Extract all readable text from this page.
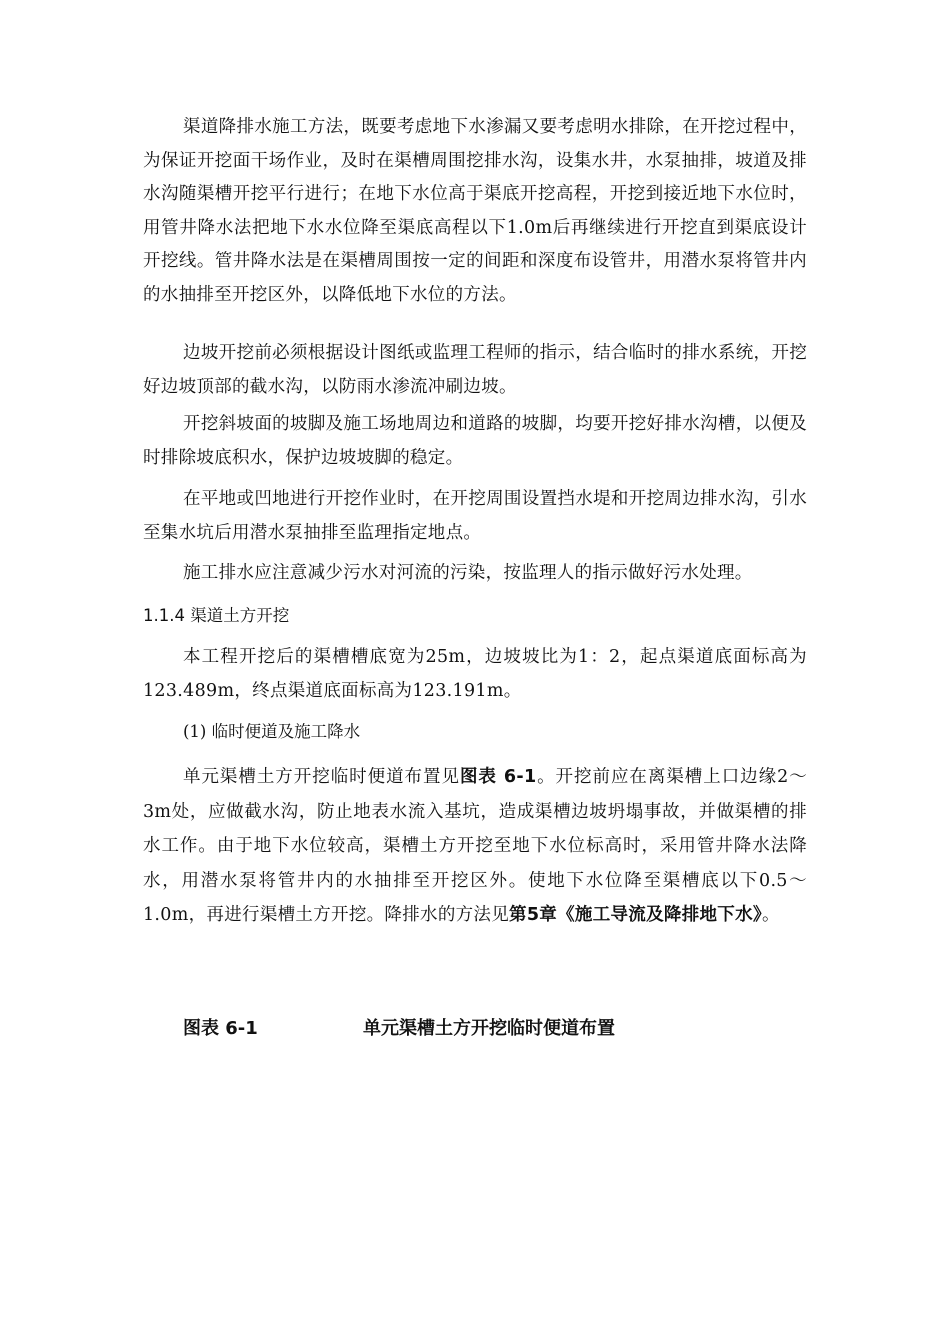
渠道降排水施工方法，既要考虑地下水渗漏又要考虑明水排除，在开挖过程中，为保证开挖面干场作业，及时在渠槽周围挖排水沟，设集水井，水泵抽排，坡道及排水沟随渠槽开挖平行进行；在地下水位高于渠底开挖高程，开挖到接近地下水位时，用管井降水法把地下水水位降至渠底高程以下1.0m后再继续进行开挖直到渠底设计开挖线。管井降水法是在渠槽周围按一定的间距和深度布设管井，用潜水泵将管井内的水抽排至开挖区外，以降低地下水位的方法。

边坡开挖前必须根据设计图纸或监理工程师的指示，结合临时的排水系统，开挖好边坡顶部的截水沟，以防雨水渗流冲刷边坡。

开挖斜坡面的坡脚及施工场地周边和道路的坡脚，均要开挖好排水沟槽，以便及时排除坡底积水，保护边坡坡脚的稳定。

在平地或凹地进行开挖作业时，在开挖周围设置挡水堤和开挖周边排水沟，引水至集水坑后用潜水泵抽排至监理指定地点。

施工排水应注意减少污水对河流的污染，按监理人的指示做好污水处理。

1.1.4 渠道土方开挖

本工程开挖后的渠槽槽底宽为25m，边坡坡比为1：2，起点渠道底面标高为123.489m，终点渠道底面标高为123.191m。

(1) 临时便道及施工降水

单元渠槽土方开挖临时便道布置见图表 6-1。开挖前应在离渠槽上口边缘2～3m处，应做截水沟，防止地表水流入基坑，造成渠槽边坡坍塌事故，并做渠槽的排水工作。由于地下水位较高，渠槽土方开挖至地下水位标高时，采用管井降水法降水，用潜水泵将管井内的水抽排至开挖区外。使地下水位降至渠槽底以下0.5～1.0m，再进行渠槽土方开挖。降排水的方法见第5章《施工导流及降排地下水》。

图表 6-1	单元渠槽土方开挖临时便道布置
